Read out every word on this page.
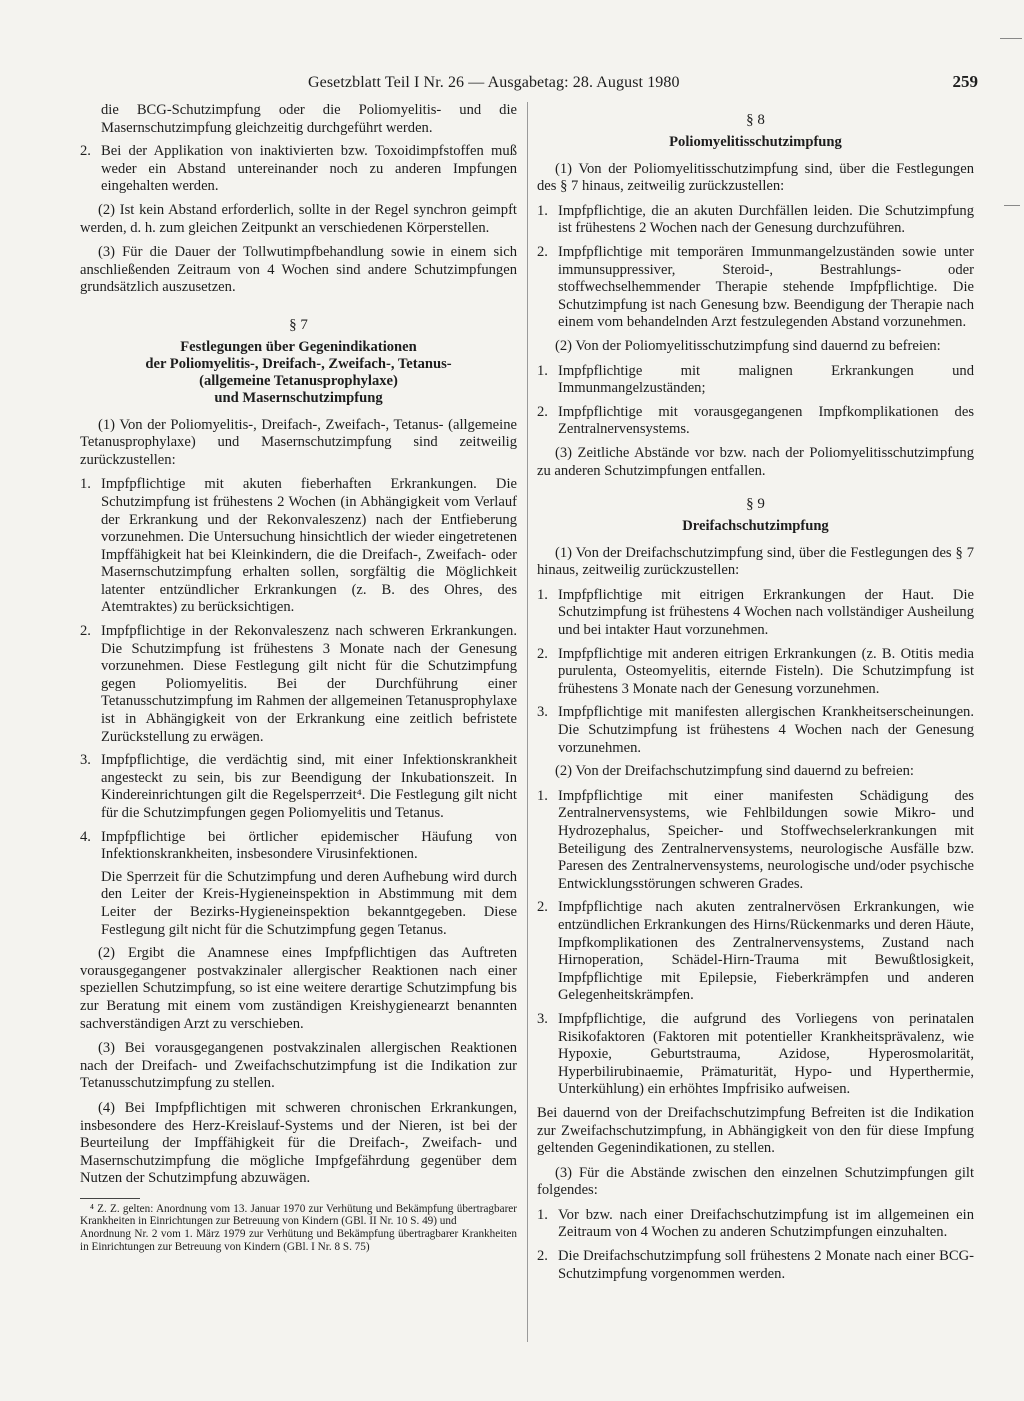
Gesetzblatt Teil I Nr. 26 — Ausgabetag: 28. August 1980	259

die BCG-Schutzimpfung oder die Poliomyelitis- und die Masernschutzimpfung gleichzeitig durchgeführt werden.

2. Bei der Applikation von inaktivierten bzw. Toxoidimpfstoffen muß weder ein Abstand untereinander noch zu anderen Impfungen eingehalten werden.

(2) Ist kein Abstand erforderlich, sollte in der Regel synchron geimpft werden, d. h. zum gleichen Zeitpunkt an verschiedenen Körperstellen.

(3) Für die Dauer der Tollwutimpfbehandlung sowie in einem sich anschließenden Zeitraum von 4 Wochen sind andere Schutzimpfungen grundsätzlich auszusetzen.

§ 7
Festlegungen über Gegenindikationen
der Poliomyelitis-, Dreifach-, Zweifach-, Tetanus-
(allgemeine Tetanusprophylaxe)
und Masernschutzimpfung

(1) Von der Poliomyelitis-, Dreifach-, Zweifach-, Tetanus- (allgemeine Tetanusprophylaxe) und Masernschutzimpfung sind zeitweilig zurückzustellen:

1. Impfpflichtige mit akuten fieberhaften Erkrankungen. Die Schutzimpfung ist frühestens 2 Wochen (in Abhängigkeit vom Verlauf der Erkrankung und der Rekonvaleszenz) nach der Entfieberung vorzunehmen. Die Untersuchung hinsichtlich der wieder eingetretenen Impffähigkeit hat bei Kleinkindern, die die Dreifach-, Zweifach- oder Masernschutzimpfung erhalten sollen, sorgfältig die Möglichkeit latenter entzündlicher Erkrankungen (z. B. des Ohres, des Atemtraktes) zu berücksichtigen.
2. Impfpflichtige in der Rekonvaleszenz nach schweren Erkrankungen. Die Schutzimpfung ist frühestens 3 Monate nach der Genesung vorzunehmen. Diese Festlegung gilt nicht für die Schutzimpfung gegen Poliomyelitis. Bei der Durchführung einer Tetanusschutzimpfung im Rahmen der allgemeinen Tetanusprophylaxe ist in Abhängigkeit von der Erkrankung eine zeitlich befristete Zurückstellung zu erwägen.
3. Impfpflichtige, die verdächtig sind, mit einer Infektionskrankheit angesteckt zu sein, bis zur Beendigung der Inkubationszeit. In Kindereinrichtungen gilt die Regelsperrzeit⁴. Die Festlegung gilt nicht für die Schutzimpfungen gegen Poliomyelitis und Tetanus.
4. Impfpflichtige bei örtlicher epidemischer Häufung von Infektionskrankheiten, insbesondere Virusinfektionen.
Die Sperrzeit für die Schutzimpfung und deren Aufhebung wird durch den Leiter der Kreis-Hygieneinspektion in Abstimmung mit dem Leiter der Bezirks-Hygieneinspektion bekanntgegeben. Diese Festlegung gilt nicht für die Schutzimpfung gegen Tetanus.

(2) Ergibt die Anamnese eines Impfpflichtigen das Auftreten vorausgegangener postvakzinaler allergischer Reaktionen nach einer speziellen Schutzimpfung, so ist eine weitere derartige Schutzimpfung bis zur Beratung mit einem vom zuständigen Kreishygienearzt benannten sachverständigen Arzt zu verschieben.

(3) Bei vorausgegangenen postvakzinalen allergischen Reaktionen nach der Dreifach- und Zweifachschutzimpfung ist die Indikation zur Tetanusschutzimpfung zu stellen.

(4) Bei Impfpflichtigen mit schweren chronischen Erkrankungen, insbesondere des Herz-Kreislauf-Systems und der Nieren, ist bei der Beurteilung der Impffähigkeit für die Dreifach-, Zweifach- und Masernschutzimpfung die mögliche Impfgefährdung gegenüber dem Nutzen der Schutzimpfung abzuwägen.

⁴ Z. Z. gelten: Anordnung vom 13. Januar 1970 zur Verhütung und Bekämpfung übertragbarer Krankheiten in Einrichtungen zur Betreuung von Kindern (GBl. II Nr. 10 S. 49) und

Anordnung Nr. 2 vom 1. März 1979 zur Verhütung und Bekämpfung übertragbarer Krankheiten in Einrichtungen zur Betreuung von Kindern (GBl. I Nr. 8 S. 75)

§ 8
Poliomyelitisschutzimpfung

(1) Von der Poliomyelitisschutzimpfung sind, über die Festlegungen des § 7 hinaus, zeitweilig zurückzustellen:

1. Impfpflichtige, die an akuten Durchfällen leiden. Die Schutzimpfung ist frühestens 2 Wochen nach der Genesung durchzuführen.
2. Impfpflichtige mit temporären Immunmangelzuständen sowie unter immunsuppressiver, Steroid-, Bestrahlungs- oder stoffwechselhemmender Therapie stehende Impfpflichtige. Die Schutzimpfung ist nach Genesung bzw. Beendigung der Therapie nach einem vom behandelnden Arzt festzulegenden Abstand vorzunehmen.

(2) Von der Poliomyelitisschutzimpfung sind dauernd zu befreien:

1. Impfpflichtige mit malignen Erkrankungen und Immunmangelzuständen;
2. Impfpflichtige mit vorausgegangenen Impfkomplikationen des Zentralnervensystems.

(3) Zeitliche Abstände vor bzw. nach der Poliomyelitisschutzimpfung zu anderen Schutzimpfungen entfallen.

§ 9
Dreifachschutzimpfung

(1) Von der Dreifachschutzimpfung sind, über die Festlegungen des § 7 hinaus, zeitweilig zurückzustellen:

1. Impfpflichtige mit eitrigen Erkrankungen der Haut. Die Schutzimpfung ist frühestens 4 Wochen nach vollständiger Ausheilung und bei intakter Haut vorzunehmen.
2. Impfpflichtige mit anderen eitrigen Erkrankungen (z. B. Otitis media purulenta, Osteomyelitis, eiternde Fisteln). Die Schutzimpfung ist frühestens 3 Monate nach der Genesung vorzunehmen.
3. Impfpflichtige mit manifesten allergischen Krankheitserscheinungen. Die Schutzimpfung ist frühestens 4 Wochen nach der Genesung vorzunehmen.

(2) Von der Dreifachschutzimpfung sind dauernd zu befreien:

1. Impfpflichtige mit einer manifesten Schädigung des Zentralnervensystems, wie Fehlbildungen sowie Mikro- und Hydrozephalus, Speicher- und Stoffwechselerkrankungen mit Beteiligung des Zentralnervensystems, neurologische Ausfälle bzw. Paresen des Zentralnervensystems, neurologische und/oder psychische Entwicklungsstörungen schweren Grades.
2. Impfpflichtige nach akuten zentralnervösen Erkrankungen, wie entzündlichen Erkrankungen des Hirns/Rückenmarks und deren Häute, Impfkomplikationen des Zentralnervensystems, Zustand nach Hirnoperation, Schädel-Hirn-Trauma mit Bewußtlosigkeit, Impfpflichtige mit Epilepsie, Fieberkrämpfen und anderen Gelegenheitskrämpfen.
3. Impfpflichtige, die aufgrund des Vorliegens von perinatalen Risikofaktoren (Faktoren mit potentieller Krankheitsprävalenz, wie Hypoxie, Geburtstrauma, Azidose, Hyperosmolarität, Hyperbilirubinaemie, Prämaturität, Hypo- und Hyperthermie, Unterkühlung) ein erhöhtes Impfrisiko aufweisen.

Bei dauernd von der Dreifachschutzimpfung Befreiten ist die Indikation zur Zweifachschutzimpfung, in Abhängigkeit von den für diese Impfung geltenden Gegenindikationen, zu stellen.

(3) Für die Abstände zwischen den einzelnen Schutzimpfungen gilt folgendes:

1. Vor bzw. nach einer Dreifachschutzimpfung ist im allgemeinen ein Zeitraum von 4 Wochen zu anderen Schutzimpfungen einzuhalten.
2. Die Dreifachschutzimpfung soll frühestens 2 Monate nach einer BCG-Schutzimpfung vorgenommen werden.
